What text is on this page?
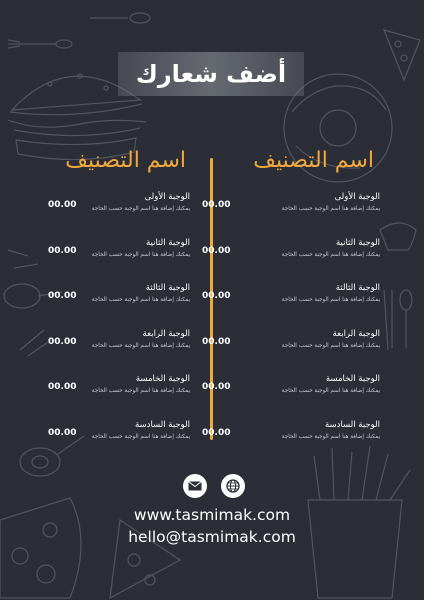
أضف شعارك
اسم التصنيف
اسم التصنيف
الوجبة الأولى
يمكنك إضافة هنا اسم الوجبة حسب الحاجة
00.00
الوجبة الثانية
يمكنك إضافة هنا اسم الوجبة حسب الحاجة
00.00
الوجبة الثالثة
يمكنك إضافة هنا اسم الوجبة حسب الحاجة
00.00
الوجبة الرابعة
يمكنك إضافة هنا اسم الوجبة حسب الحاجة
00.00
الوجبة الخامسة
يمكنك إضافة هنا اسم الوجبة حسب الحاجة
00.00
الوجبة السادسة
يمكنك إضافة هنا اسم الوجبة حسب الحاجة
00.00
الوجبة الأولى
يمكنك إضافة هنا اسم الوجبة حسب الحاجة
00.00
الوجبة الثانية
يمكنك إضافة هنا اسم الوجبة حسب الحاجة
00.00
الوجبة الثالثة
يمكنك إضافة هنا اسم الوجبة حسب الحاجة
00.00
الوجبة الرابعة
يمكنك إضافة هنا اسم الوجبة حسب الحاجة
00.00
الوجبة الخامسة
يمكنك إضافة هنا اسم الوجبة حسب الحاجة
00.00
الوجبة السادسة
يمكنك إضافة هنا اسم الوجبة حسب الحاجة
00.00
www.tasmimak.com
hello@tasmimak.com
